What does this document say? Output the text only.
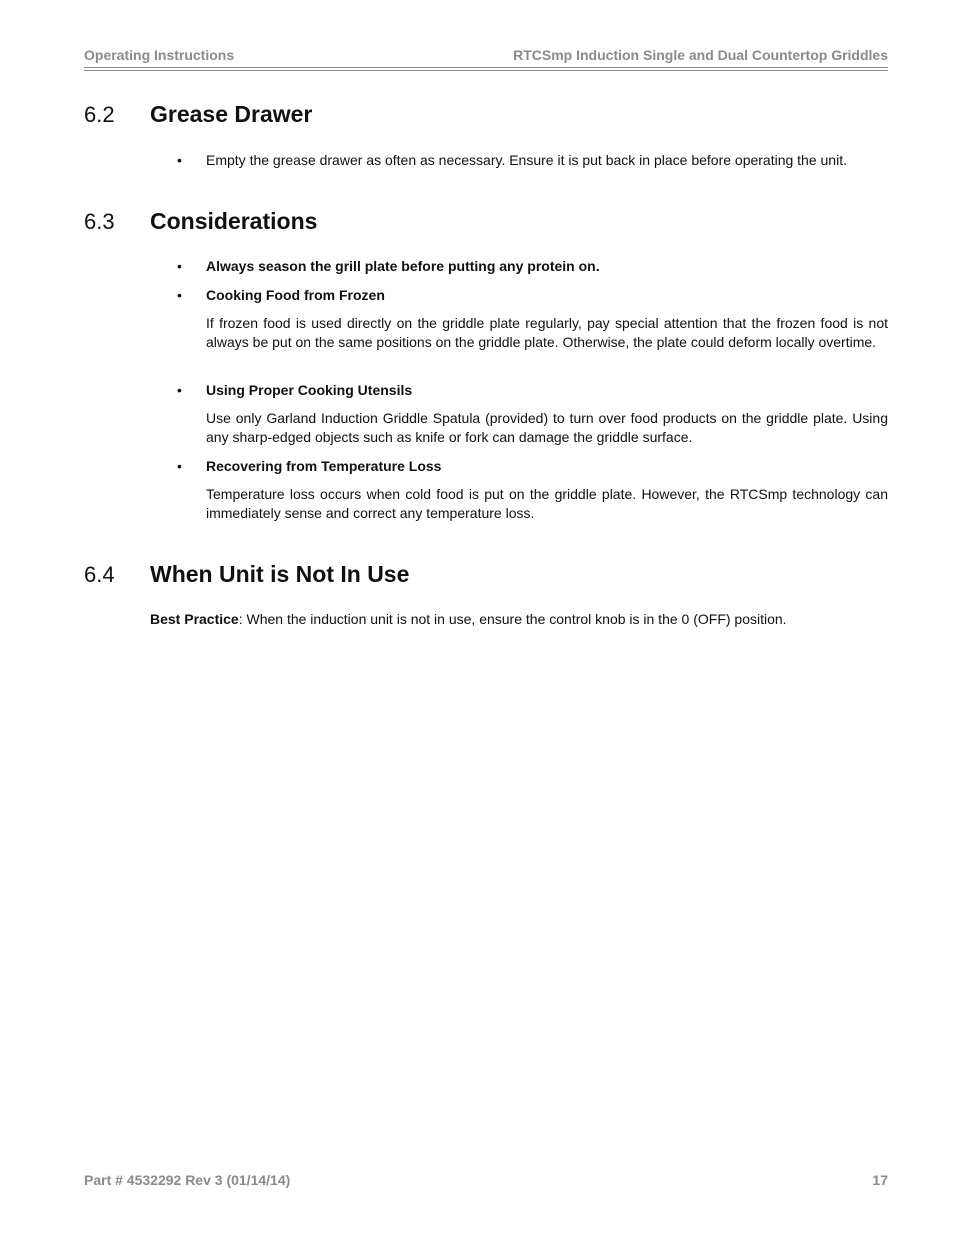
Operating Instructions	RTCSmp Induction Single and Dual Countertop Griddles
6.2 Grease Drawer
• Empty the grease drawer as often as necessary. Ensure it is put back in place before operating the unit.
6.3 Considerations
• Always season the grill plate before putting any protein on.
• Cooking Food from Frozen
If frozen food is used directly on the griddle plate regularly, pay special attention that the frozen food is not always be put on the same positions on the griddle plate. Otherwise, the plate could deform locally overtime.
• Using Proper Cooking Utensils
Use only Garland Induction Griddle Spatula (provided) to turn over food products on the griddle plate. Using any sharp-edged objects such as knife or fork can damage the griddle surface.
• Recovering from Temperature Loss
Temperature loss occurs when cold food is put on the griddle plate. However, the RTCSmp technology can immediately sense and correct any temperature loss.
6.4 When Unit is Not In Use
Best Practice: When the induction unit is not in use, ensure the control knob is in the 0 (OFF) position.
Part # 4532292 Rev 3 (01/14/14)	17
